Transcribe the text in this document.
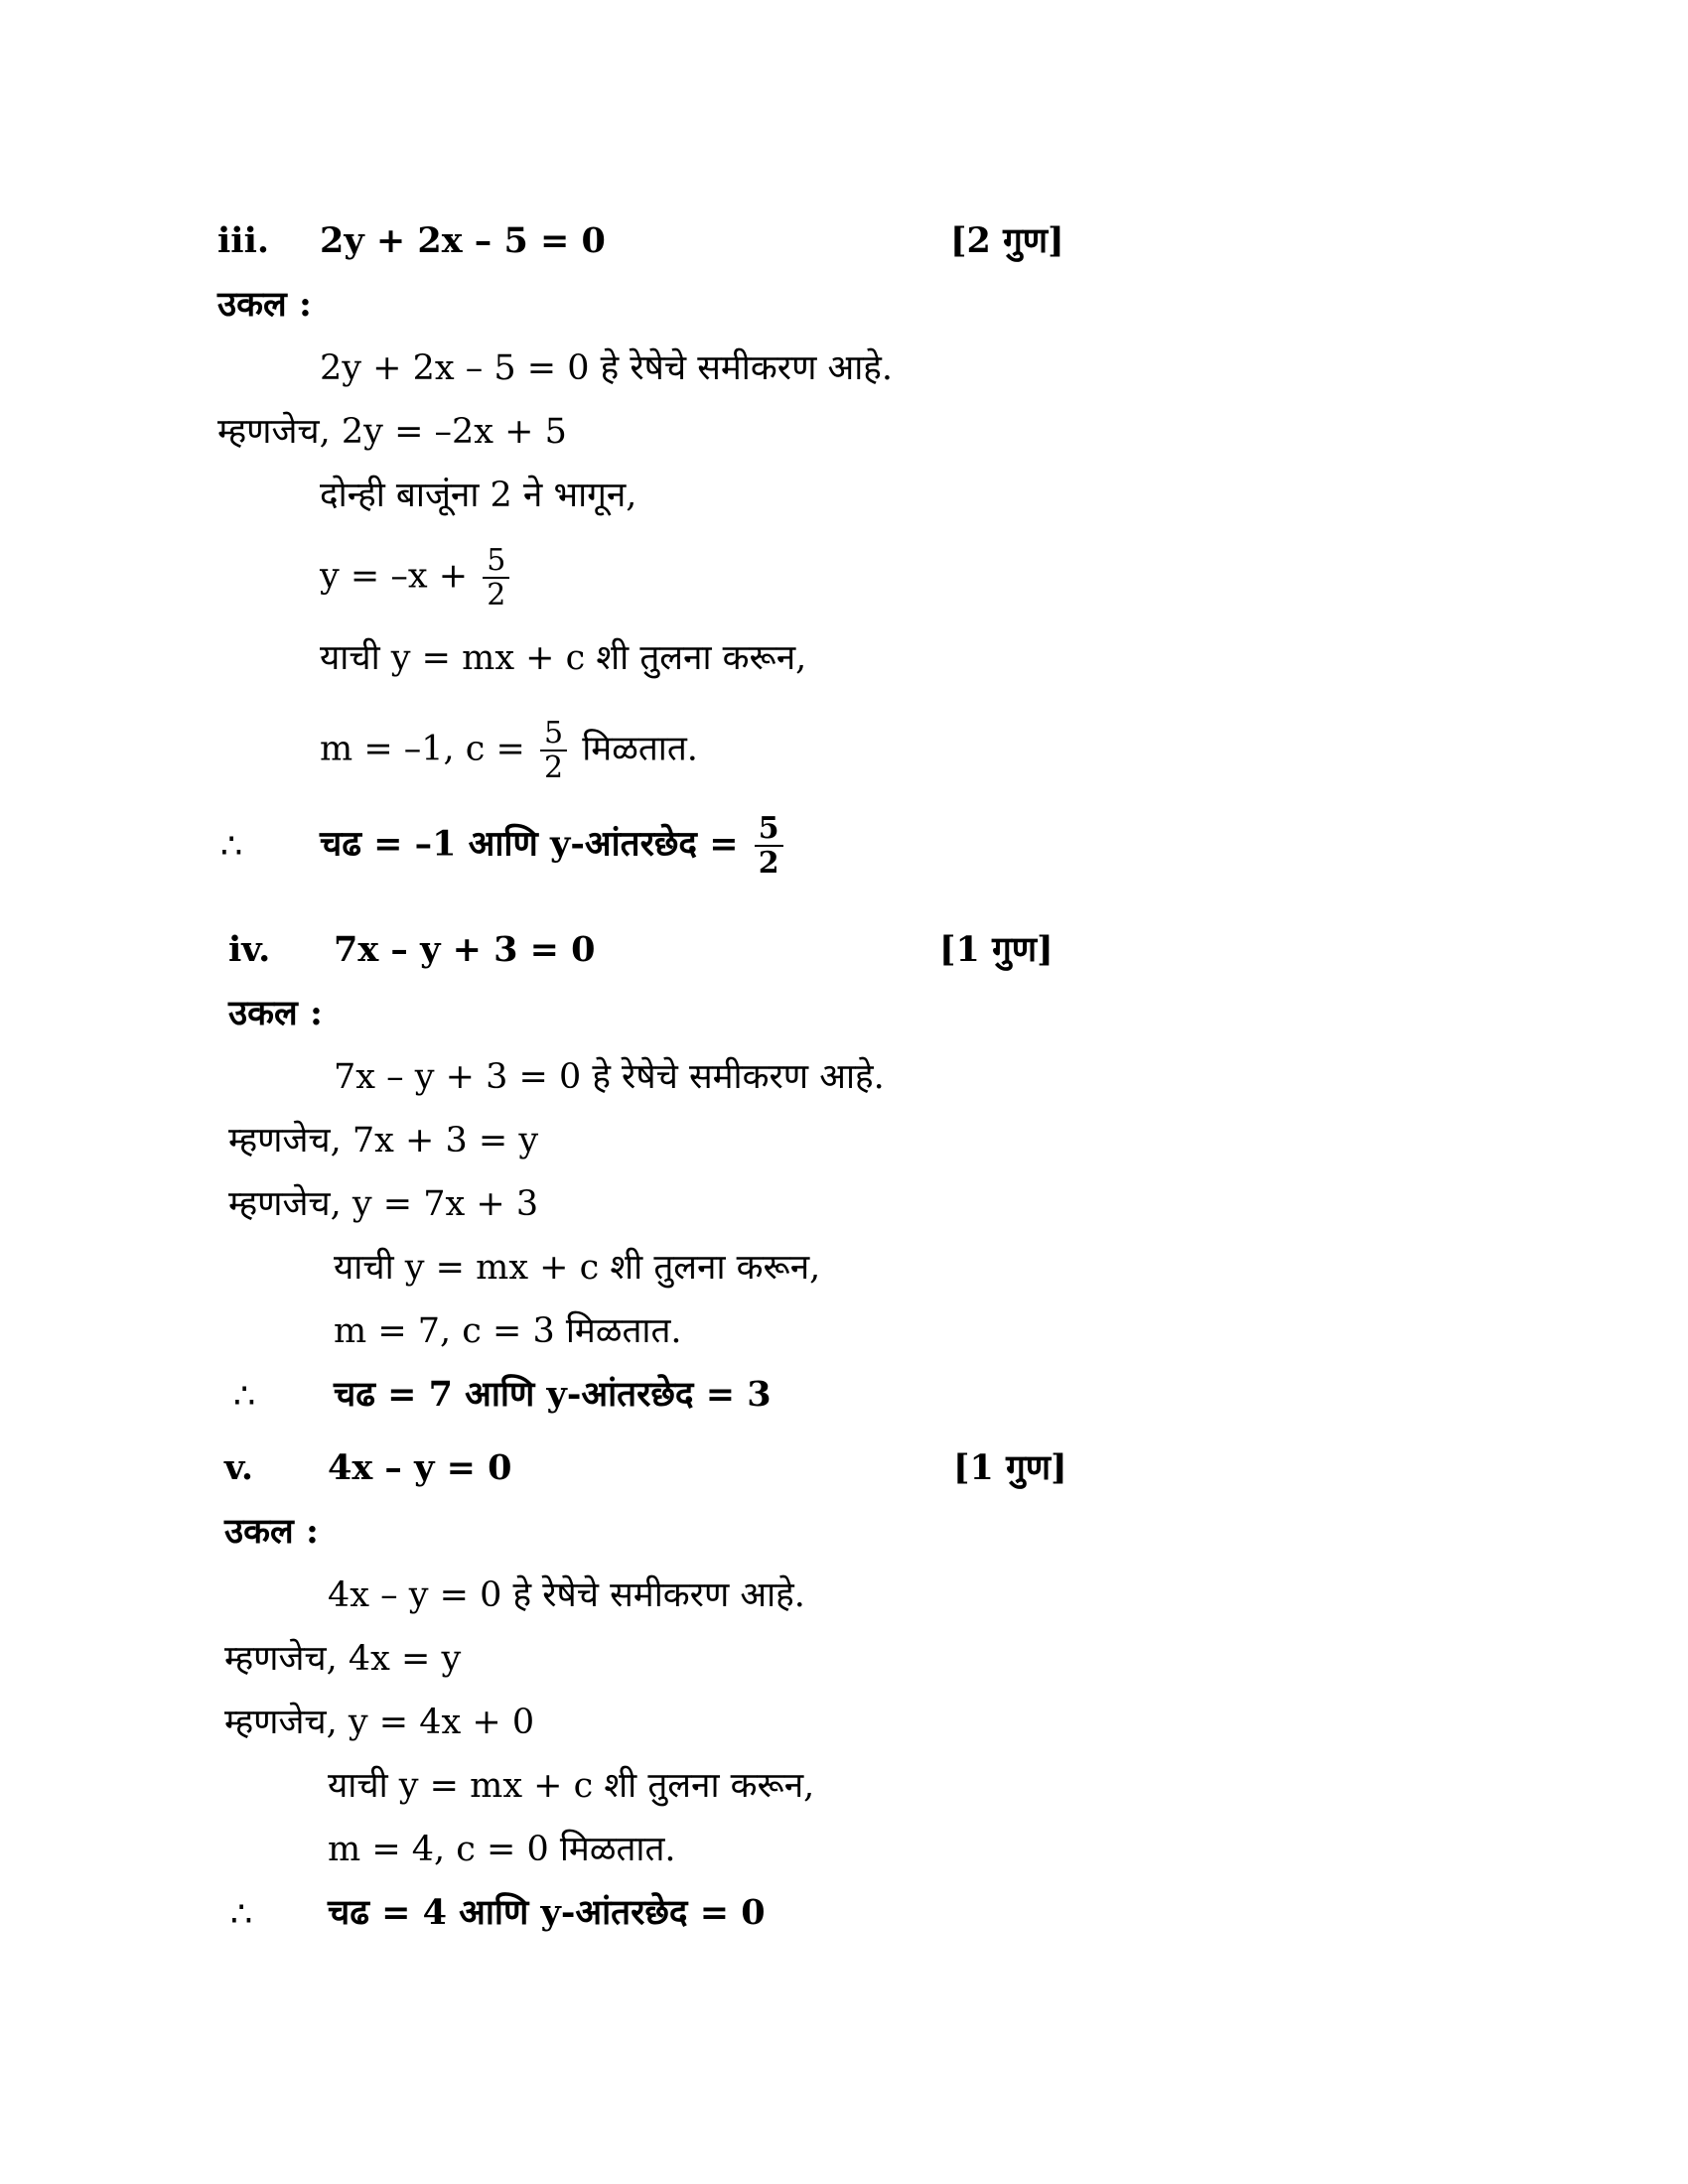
iii. 2y + 2x – 5 = 0	[2 गुण]
उकल :
2y + 2x – 5 = 0 हे रेषेचे समीकरण आहे.
म्हणजेच, 2y = –2x + 5
दोन्ही बाजूंना 2 ने भागून,
$y = -x + \frac{5}{2}$
याची y = mx + c शी तुलना करून,
m = –1, $c = \frac{5}{2}$ मिळतात.
∴ चढ = –1 आणि y-आंतरछेद = $\frac{5}{2}$
iv. 7x – y + 3 = 0	[1 गुण]
उकल :
7x – y + 3 = 0 हे रेषेचे समीकरण आहे.
म्हणजेच, 7x + 3 = y
म्हणजेच, y = 7x + 3
याची y = mx + c शी तुलना करून,
m = 7, c = 3 मिळतात.
∴ चढ = 7 आणि y-आंतरछेद = 3
v. 4x – y = 0	[1 गुण]
उकल :
4x – y = 0 हे रेषेचे समीकरण आहे.
म्हणजेच, 4x = y
म्हणजेच, y = 4x + 0
याची y = mx + c शी तुलना करून,
m = 4, c = 0 मिळतात.
∴ चढ = 4 आणि y-आंतरछेद = 0
